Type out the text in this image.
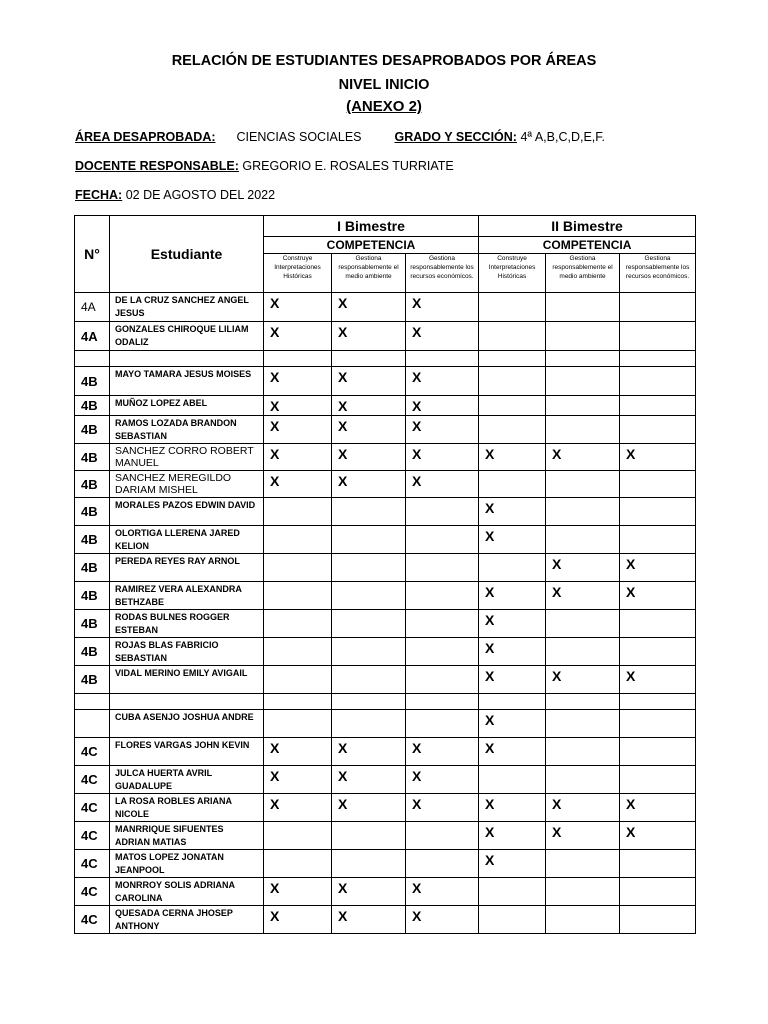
RELACIÓN DE ESTUDIANTES DESAPROBADOS POR ÁREAS
NIVEL INICIO
(ANEXO 2)
ÁREA DESAPROBADA: CIENCIAS SOCIALES	GRADO Y SECCIÓN: 4ª A,B,C,D,E,F.
DOCENTE RESPONSABLE: GREGORIO E. ROSALES TURRIATE
FECHA: 02 DE AGOSTO DEL 2022
N°	Estudiante	I Bimestre			II Bimestre		
		COMPETENCIA			COMPETENCIA		
		Construye Interpretaciones Históricas	Gestiona responsablemente el medio ambiente	Gestiona responsablemente los recursos económicos.	Construye Interpretaciones Históricas	Gestiona responsablemente el medio ambiente	Gestiona responsablemente los recursos económicos.
4A	DE LA CRUZ SANCHEZ ANGEL JESUS	X	X	X			
4A	GONZALES CHIROQUE LILIAM ODALIZ	X	X	X			

4B	MAYO TAMARA JESUS MOISES	X	X	X			
4B	MUÑOZ LOPEZ ABEL	X	X	X			
4B	RAMOS LOZADA BRANDON SEBASTIAN	X	X	X			
4B	SANCHEZ CORRO ROBERT MANUEL	X	X	X	X	X	X
4B	SANCHEZ MEREGILDO DARIAM MISHEL	X	X	X			
4B	MORALES PAZOS EDWIN DAVID				X		
4B	OLORTIGA LLERENA JARED KELION				X		
4B	PEREDA REYES RAY ARNOL					X	X
4B	RAMIREZ VERA ALEXANDRA BETHZABE				X	X	X
4B	RODAS BULNES ROGGER ESTEBAN				X		
4B	ROJAS BLAS FABRICIO SEBASTIAN				X		
4B	VIDAL MERINO EMILY AVIGAIL				X	X	X

	CUBA ASENJO JOSHUA ANDRE				X		
4C	FLORES VARGAS JOHN KEVIN	X	X	X	X		
4C	JULCA HUERTA AVRIL GUADALUPE	X	X	X			
4C	LA ROSA ROBLES ARIANA NICOLE	X	X	X	X	X	X
4C	MANRRIQUE SIFUENTES ADRIAN MATIAS				X	X	X
4C	MATOS LOPEZ JONATAN JEANPOOL				X		
4C	MONRROY SOLIS ADRIANA CAROLINA	X	X	X			
4C	QUESADA CERNA JHOSEP ANTHONY	X	X	X			
